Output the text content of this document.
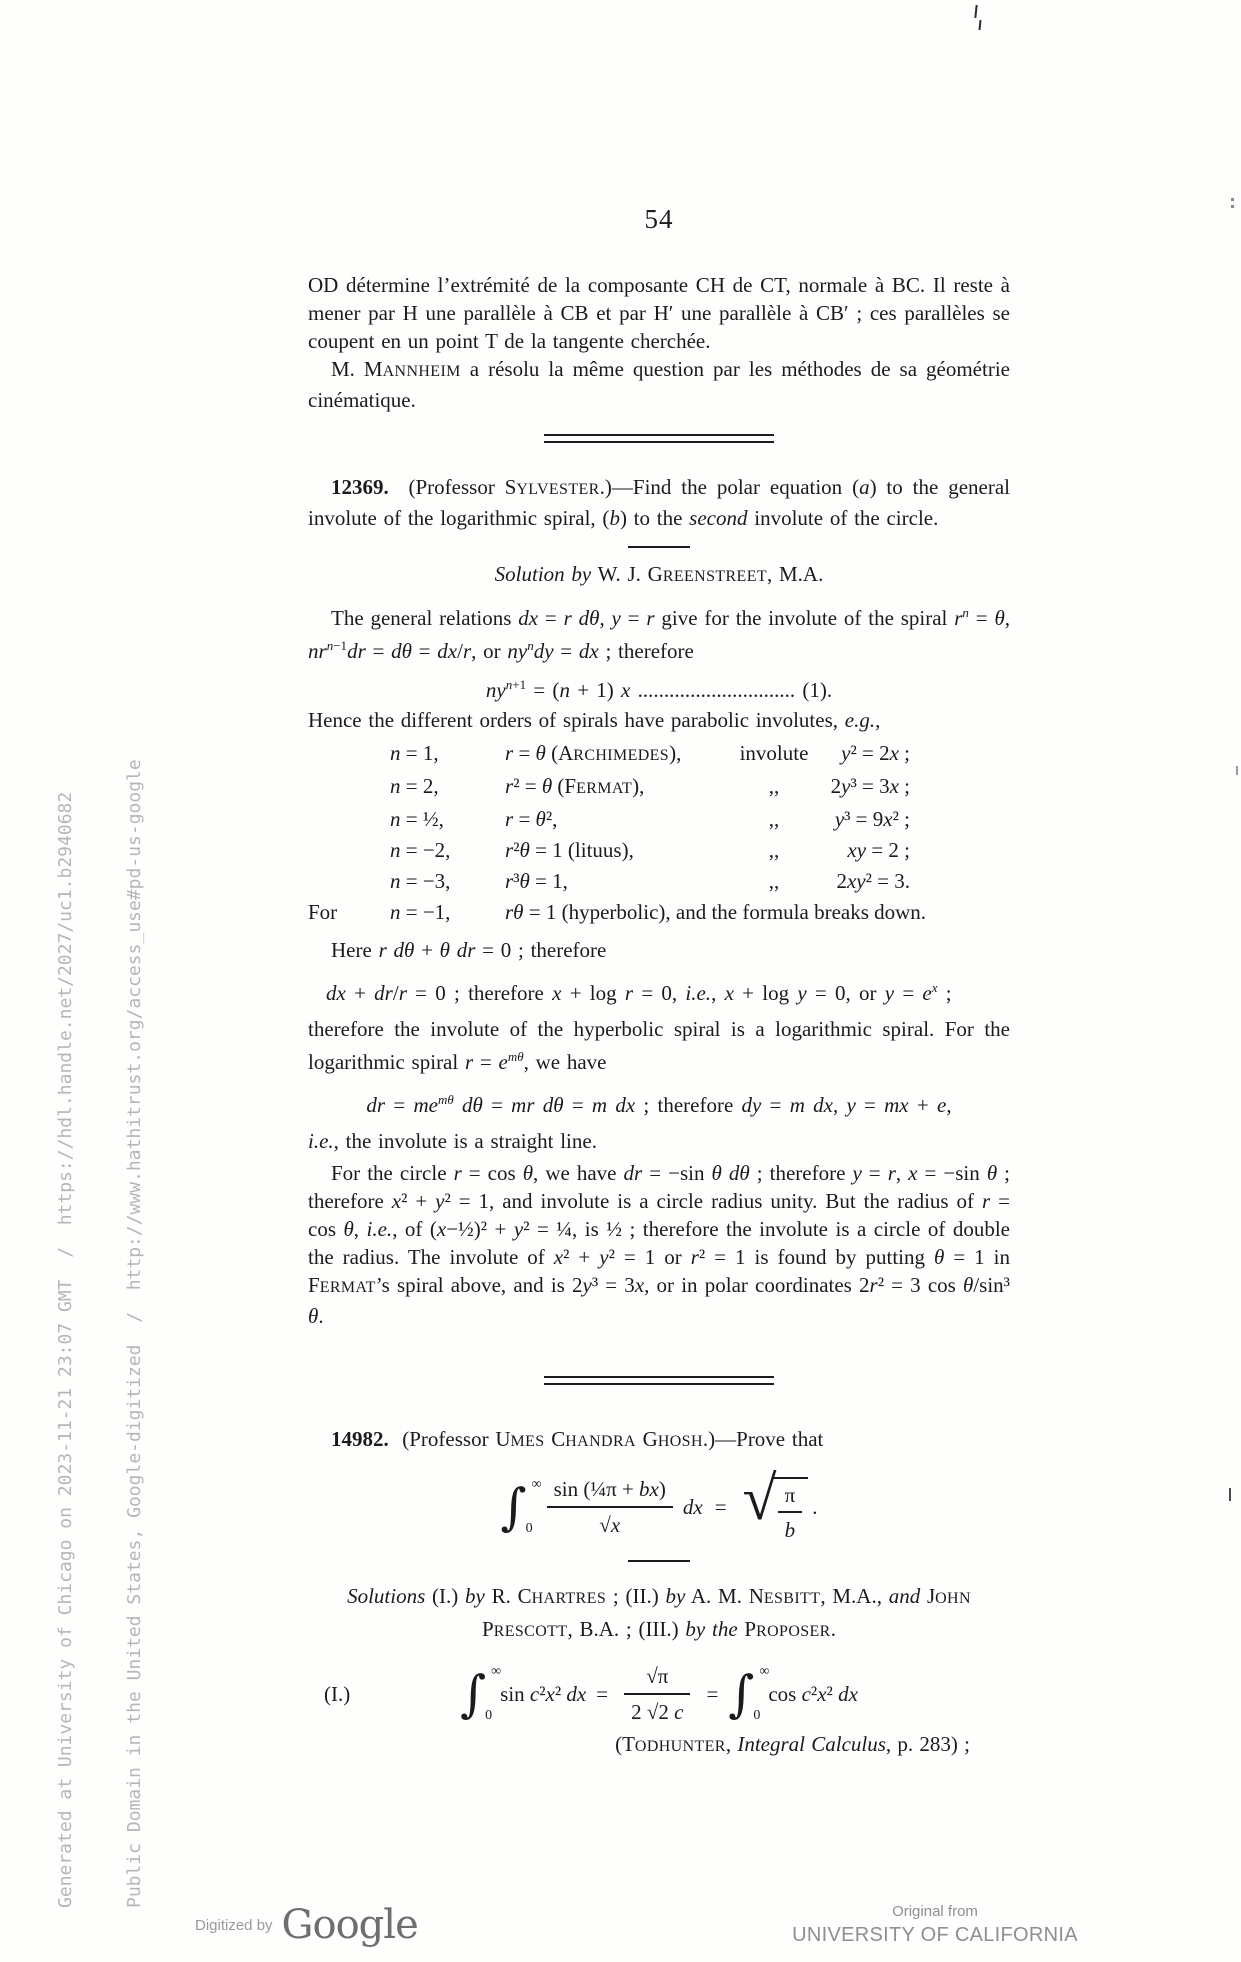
Generated at University of Chicago on 2023-11-21 23:07 GMT  /  https://hdl.handle.net/2027/uc1.b2940682

	Public Domain in the United States, Google-digitized  /  http://www.hathitrust.org/access_use#pd-us-google

54

OD détermine l’extrémité de la composante CH de CT, normale à BC. Il reste à mener par H une parallèle à CB et par H′ une parallèle à CB′ ; ces parallèles se coupent en un point T de la tangente cherchée.

M. MANNHEIM a résolu la même question par les méthodes de sa géométrie cinématique.

12369.  (Professor SYLVESTER.)—Find the polar equation (a) to the general involute of the logarithmic spiral, (b) to the second involute of the circle.

Solution by W. J. GREENSTREET, M.A.

The general relations dx = r dθ, y = r give for the involute of the spiral $r^n = \theta$, $nr^{n-1}dr = d\theta = dx/r$, or $ny^ndy$ = dx ; therefore

$ny^{n+1} = (n + 1)$ x .............................. (1).

Hence the different orders of spirals have parabolic involutes, e.g.,

n = 1,	r = θ (ARCHIMEDES),	involute	y² = 2x ;
n = 2,	r² = θ (FERMAT),	,,	2y³ = 3x ;
n = ½,	r = θ²,	,,	y³ = 9x² ;
n = −2,	r²θ = 1 (lituus),	,,	xy = 2 ;
n = −3,	r³θ = 1,	,,	2xy² = 3.
For	n = −1,	rθ = 1 (hyperbolic), and the formula breaks down.

Here r dθ + θ dr = 0 ; therefore

dx + dr/r = 0 ; therefore x + log r = 0, i.e., x + log y = 0, or $y = e^x$ ;

therefore the involute of the hyperbolic spiral is a logarithmic spiral. For the logarithmic spiral $r = e^{m\theta}$, we have

dr = $me^{m\theta}$ dθ = mr dθ = m dx ; therefore dy = m dx, y = mx + e,

i.e., the involute is a straight line.

For the circle r = cos θ, we have dr = −sin θ dθ ; therefore y = r, x = −sin θ ; therefore x² + y² = 1, and involute is a circle radius unity. But the radius of r = cos θ, i.e., of (x−½)² + y² = ¼, is ½ ; therefore the involute is a circle of double the radius. The involute of x² + y² = 1 or r² = 1 is found by putting θ = 1 in FERMAT’s spiral above, and is 2y³ = 3x, or in polar coordinates 2r² = 3 cos θ/sin³ θ.

14982.  (Professor UMES CHANDRA GHOSH.)—Prove that

∫ ∞
$0 \frac{\text{sin (¼π + bx)}}{√x}$ dx = √ $\frac{\pi}{b}$ .

Solutions (I.) by R. CHARTRES ; (II.) by A. M. NESBITT, M.A., and JOHN

PRESCOTT, B.A. ; (III.) by the PROPOSER.

(I.) ∫ ∞
0
sin c²x² dx = $\frac{√\pi}{2 √2 c}$ = ∫ ∞
0
cos c²x² dx

(TODHUNTER, Integral Calculus, p. 283) ;

Digitized by Google	Original from
UNIVERSITY OF CALIFORNIA
